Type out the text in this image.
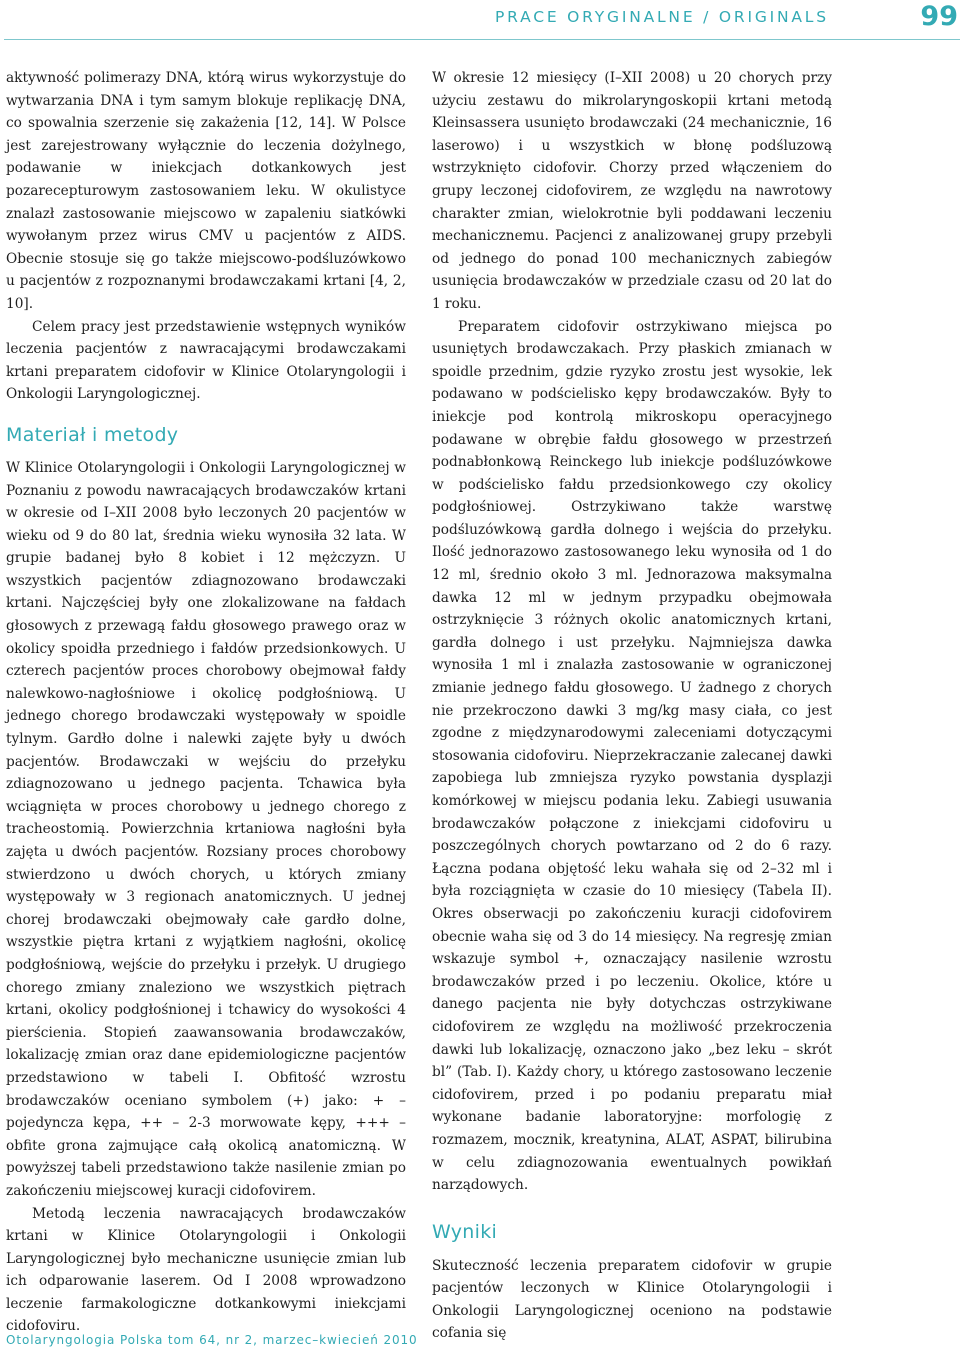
PRACE ORYGINALNE / ORIGINALS	99

aktywność polimerazy DNA, którą wirus wykorzystuje do wytwarzania DNA i tym samym blokuje replikację DNA, co spowalnia szerzenie się zakażenia [12, 14]. W Polsce jest zarejestrowany wyłącznie do leczenia dożylnego, podawanie w iniekcjach dotkankowych jest pozarecepturowym zastosowaniem leku. W okulistyce znalazł zastosowanie miejscowo w zapaleniu siatkówki wywołanym przez wirus CMV u pacjentów z AIDS. Obecnie stosuje się go także miejscowo-podśluzówkowo u pacjentów z rozpoznanymi brodawczakami krtani [4, 2, 10].

Celem pracy jest przedstawienie wstępnych wyników leczenia pacjentów z nawracającymi brodawczakami krtani preparatem cidofovir w Klinice Otolaryngologii i Onkologii Laryngologicznej.

Materiał i metody

W Klinice Otolaryngologii i Onkologii Laryngologicznej w Poznaniu z powodu nawracających brodawczaków krtani w okresie od I–XII 2008 było leczonych 20 pacjentów w wieku od 9 do 80 lat, średnia wieku wynosiła 32 lata. W grupie badanej było 8 kobiet i 12 mężczyzn. U wszystkich pacjentów zdiagnozowano brodawczaki krtani. Najczęściej były one zlokalizowane na fałdach głosowych z przewagą fałdu głosowego prawego oraz w okolicy spoidła przedniego i fałdów przedsionkowych. U czterech pacjentów proces chorobowy obejmował fałdy nalewkowo-nagłośniowe i okolicę podgłośniową. U jednego chorego brodawczaki występowały w spoidle tylnym. Gardło dolne i nalewki zajęte były u dwóch pacjentów. Brodawczaki w wejściu do przełyku zdiagnozowano u jednego pacjenta. Tchawica była wciągnięta w proces chorobowy u jednego chorego z tracheostomią. Powierzchnia krtaniowa nagłośni była zajęta u dwóch pacjentów. Rozsiany proces chorobowy stwierdzono u dwóch chorych, u których zmiany występowały w 3 regionach anatomicznych. U jednej chorej brodawczaki obejmowały całe gardło dolne, wszystkie piętra krtani z wyjątkiem nagłośni, okolicę podgłośniową, wejście do przełyku i przełyk. U drugiego chorego zmiany znaleziono we wszystkich piętrach krtani, okolicy podgłośnionej i tchawicy do wysokości 4 pierścienia. Stopień zaawansowania brodawczaków, lokalizację zmian oraz dane epidemiologiczne pacjentów przedstawiono w tabeli I. Obfitość wzrostu brodawczaków oceniano symbolem (+) jako: + – pojedyncza kępa, ++ – 2-3 morwowate kępy, +++ – obfite grona zajmujące całą okolicą anatomiczną. W powyższej tabeli przedstawiono także nasilenie zmian po zakończeniu miejscowej kuracji cidofovirem.

Metodą leczenia nawracających brodawczaków krtani w Klinice Otolaryngologii i Onkologii Laryngologicznej było mechaniczne usunięcie zmian lub ich odparowanie laserem. Od I 2008 wprowadzono leczenie farmakologiczne dotkankowymi iniekcjami cidofoviru.

W okresie 12 miesięcy (I–XII 2008) u 20 chorych przy użyciu zestawu do mikrolaryngoskopii krtani metodą Kleinsassera usunięto brodawczaki (24 mechanicznie, 16 laserowo) i u wszystkich w błonę podśluzową wstrzyknięto cidofovir. Chorzy przed włączeniem do grupy leczonej cidofovirem, ze względu na nawrotowy charakter zmian, wielokrotnie byli poddawani leczeniu mechanicznemu. Pacjenci z analizowanej grupy przebyli od jednego do ponad 100 mechanicznych zabiegów usunięcia brodawczaków w przedziale czasu od 20 lat do 1 roku.

Preparatem cidofovir ostrzykiwano miejsca po usuniętych brodawczakach. Przy płaskich zmianach w spoidle przednim, gdzie ryzyko zrostu jest wysokie, lek podawano w podścielisko kępy brodawczaków. Były to iniekcje pod kontrolą mikroskopu operacyjnego podawane w obrębie fałdu głosowego w przestrzeń podnabłonkową Reinckego lub iniekcje podśluzówkowe w podścielisko fałdu przedsionkowego czy okolicy podgłośniowej. Ostrzykiwano także warstwę podśluzówkową gardła dolnego i wejścia do przełyku. Ilość jednorazowo zastosowanego leku wynosiła od 1 do 12 ml, średnio około 3 ml. Jednorazowa maksymalna dawka 12 ml w jednym przypadku obejmowała ostrzyknięcie 3 różnych okolic anatomicznych krtani, gardła dolnego i ust przełyku. Najmniejsza dawka wynosiła 1 ml i znalazła zastosowanie w ograniczonej zmianie jednego fałdu głosowego. U żadnego z chorych nie przekroczono dawki 3 mg/kg masy ciała, co jest zgodne z międzynarodowymi zaleceniami dotyczącymi stosowania cidofoviru. Nieprzekraczanie zalecanej dawki zapobiega lub zmniejsza ryzyko powstania dysplazji komórkowej w miejscu podania leku. Zabiegi usuwania brodawczaków połączone z iniekcjami cidofoviru u poszczególnych chorych powtarzano od 2 do 6 razy. Łączna podana objętość leku wahała się od 2–32 ml i była rozciągnięta w czasie do 10 miesięcy (Tabela II). Okres obserwacji po zakończeniu kuracji cidofovirem obecnie waha się od 3 do 14 miesięcy. Na regresję zmian wskazuje symbol +, oznaczający nasilenie wzrostu brodawczaków przed i po leczeniu. Okolice, które u danego pacjenta nie były dotychczas ostrzykiwane cidofovirem ze względu na możliwość przekroczenia dawki lub lokalizację, oznaczono jako „bez leku – skrót bl” (Tab. I). Każdy chory, u którego zastosowano leczenie cidofovirem, przed i po podaniu preparatu miał wykonane badanie laboratoryjne: morfologię z rozmazem, mocznik, kreatynina, ALAT, ASPAT, bilirubina w celu zdiagnozowania ewentualnych powikłań narządowych.

Wyniki

Skuteczność leczenia preparatem cidofovir w grupie pacjentów leczonych w Klinice Otolaryngologii i Onkologii Laryngologicznej oceniono na podstawie cofania się

Otolaryngologia Polska tom 64, nr 2, marzec–kwiecień 2010
